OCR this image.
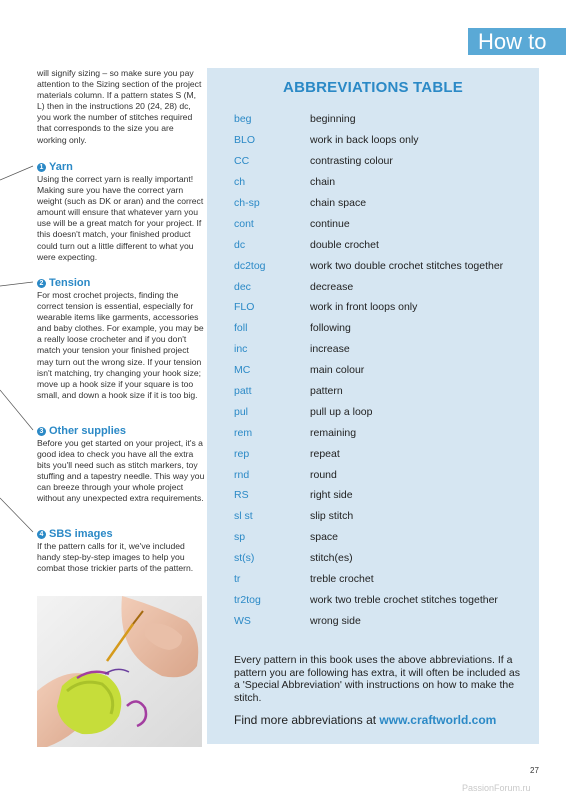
How to

will signify sizing – so make sure you pay attention to the Sizing section of the project materials column. If a pattern states S (M, L) then in the instructions 20 (24, 28) dc, you work the number of stitches required that corresponds to the size you are working only.

1 Yarn
Using the correct yarn is really important! Making sure you have the correct yarn weight (such as DK or aran) and the correct amount will ensure that whatever yarn you use will be a great match for your project. If this doesn't match, your finished product could turn out a little different to what you were expecting.
2 Tension
For most crochet projects, finding the correct tension is essential, especially for wearable items like garments, accessories and baby clothes. For example, you may be a really loose crocheter and if you don't match your tension your finished project may turn out the wrong size. If your tension isn't matching, try changing your hook size; move up a hook size if your square is too small, and down a hook size if it is too big.
3 Other supplies
Before you get started on your project, it's a good idea to check you have all the extra bits you'll need such as stitch markers, toy stuffing and a tapestry needle. This way you can breeze through your whole project without any unexpected extra requirements.
4 SBS images
If the pattern calls for it, we've included handy step-by-step images to help you combat those trickier parts of the pattern.
ABBREVIATIONS TABLE
beg	beginning
BLO	work in back loops only
CC	contrasting colour
ch	chain
ch-sp	chain space
cont	continue
dc	double crochet
dc2tog	work two double crochet stitches together
dec	decrease
FLO	work in front loops only
foll	following
inc	increase
MC	main colour
patt	pattern
pul	pull up a loop
rem	remaining
rep	repeat
rnd	round
RS	right side
sl st	slip stitch
sp	space
st(s)	stitch(es)
tr	treble crochet
tr2tog	work two treble crochet stitches together
WS	wrong side

Every pattern in this book uses the above abbreviations. If a pattern you are following has extra, it will often be included as a 'Special Abbreviation' with instructions on how to make the stitch.

Find more abbreviations at www.craftworld.com
27
PassionForum.ru
